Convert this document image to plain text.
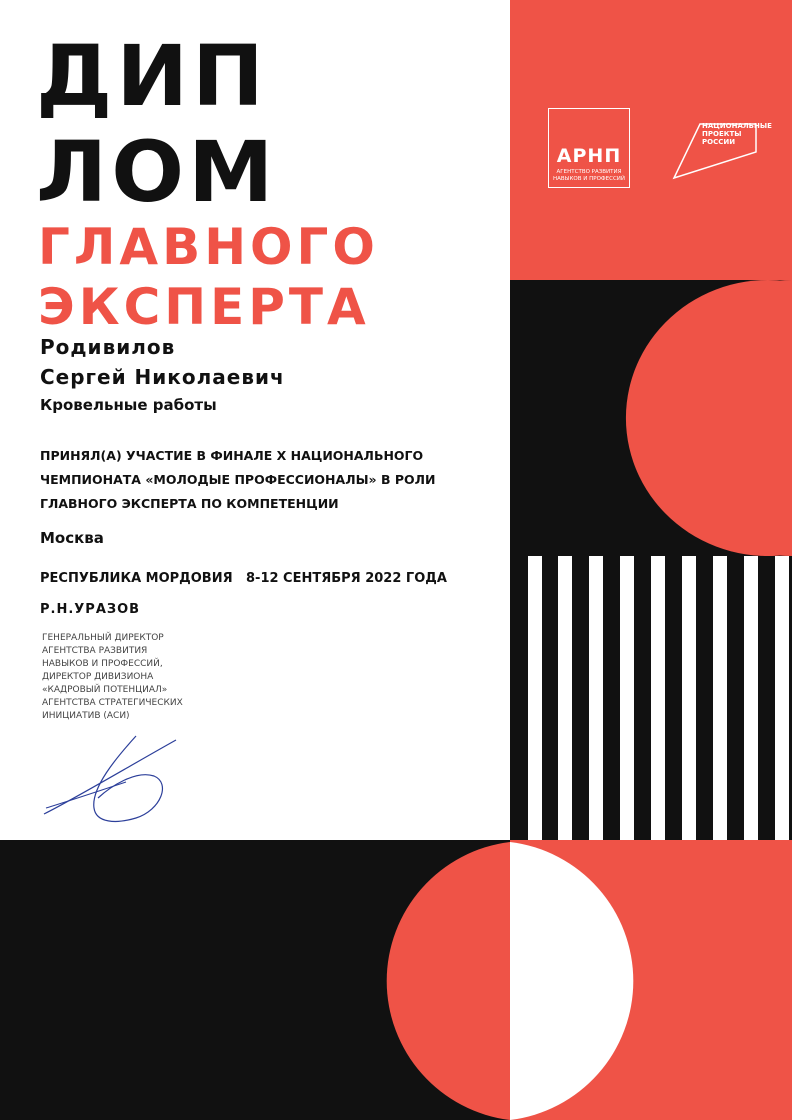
ДИП
ЛОМ
ГЛАВНОГО
ЭКСПЕРТА
Родивилов
Сергей Николаевич
Кровельные работы
ПРИНЯЛ(А) УЧАСТИЕ В ФИНАЛЕ X НАЦИОНАЛЬНОГО
ЧЕМПИОНАТА «МОЛОДЫЕ ПРОФЕССИОНАЛЫ» В РОЛИ
ГЛАВНОГО ЭКСПЕРТА ПО КОМПЕТЕНЦИИ
Москва
РЕСПУБЛИКА МОРДОВИЯ 8-12 СЕНТЯБРЯ 2022 ГОДА
Р.Н.УРАЗОВ
ГЕНЕРАЛЬНЫЙ ДИРЕКТОР
АГЕНТСТВА РАЗВИТИЯ
НАВЫКОВ И ПРОФЕССИЙ,
ДИРЕКТОР ДИВИЗИОНА
«КАДРОВЫЙ ПОТЕНЦИАЛ»
АГЕНТСТВА СТРАТЕГИЧЕСКИХ
ИНИЦИАТИВ (АСИ)
АРНП
АГЕНТСТВО РАЗВИТИЯ
НАВЫКОВ И ПРОФЕССИЙ
НАЦИОНАЛЬНЫЕ
ПРОЕКТЫ
РОССИИ
